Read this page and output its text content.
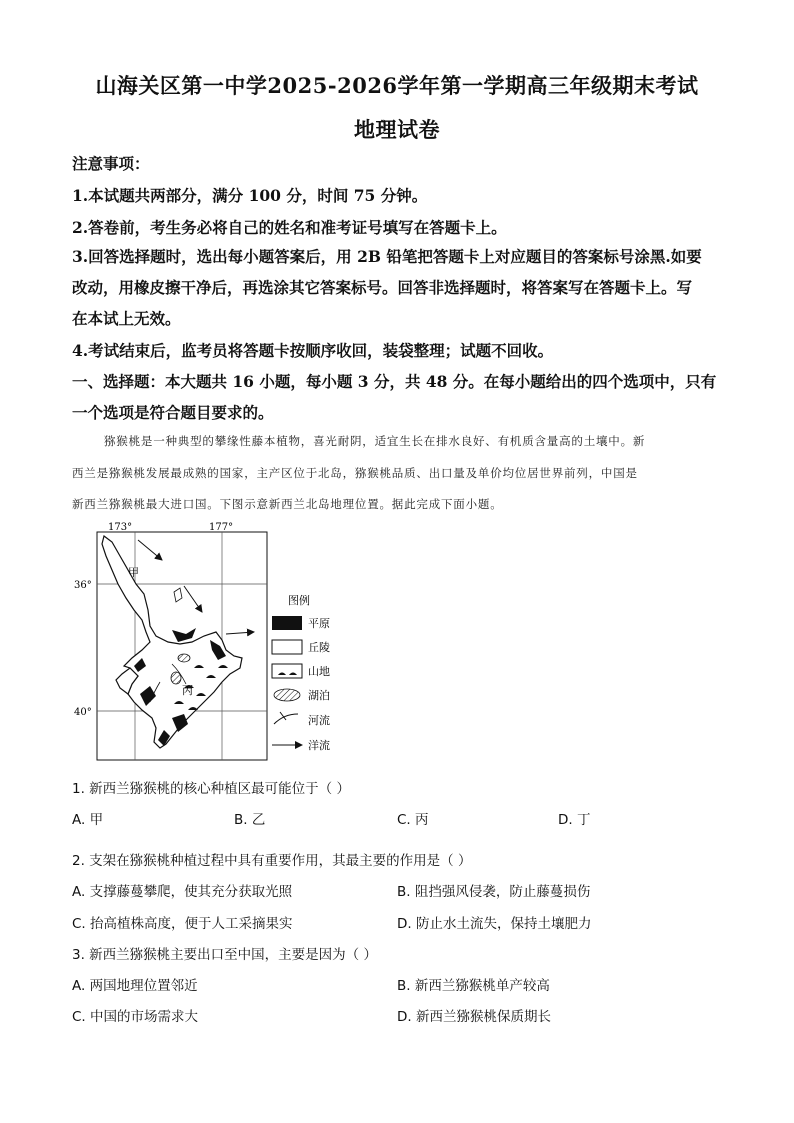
山海关区第一中学2025-2026学年第一学期高三年级期末考试
地理试卷
注意事项：
1.本试题共两部分，满分 100 分，时间 75 分钟。
2.答卷前，考生务必将自己的姓名和准考证号填写在答题卡上。
3.回答选择题时，选出每小题答案后，用 2B 铅笔把答题卡上对应题目的答案标号涂黑.如要
改动，用橡皮擦干净后，再选涂其它答案标号。回答非选择题时，将答案写在答题卡上。写
在本试上无效。
4.考试结束后，监考员将答题卡按顺序收回，装袋整理；试题不回收。
一、选择题：本大题共 16 小题，每小题 3 分，共 48 分。在每小题给出的四个选项中，只有
一个选项是符合题目要求的。
猕猴桃是一种典型的攀缘性藤本植物，喜光耐阴，适宜生长在排水良好、有机质含量高的土壤中。新
西兰是猕猴桃发展最成熟的国家，主产区位于北岛，猕猴桃品质、出口量及单价均位居世界前列，中国是
新西兰猕猴桃最大进口国。下图示意新西兰北岛地理位置。据此完成下面小题。
173°	177°
36°
40°
甲
丙
图例
平原
丘陵
山地
湖泊
河流
洋流
1. 新西兰猕猴桃的核心种植区最可能位于（ ）
A. 甲	B. 乙	C. 丙	D. 丁
2. 支架在猕猴桃种植过程中具有重要作用，其最主要的作用是（ ）
A. 支撑藤蔓攀爬，使其充分获取光照	B. 阻挡强风侵袭，防止藤蔓损伤
C. 抬高植株高度，便于人工采摘果实	D. 防止水土流失，保持土壤肥力
3. 新西兰猕猴桃主要出口至中国，主要是因为（ ）
A. 两国地理位置邻近	B. 新西兰猕猴桃单产较高
C. 中国的市场需求大	D. 新西兰猕猴桃保质期长
